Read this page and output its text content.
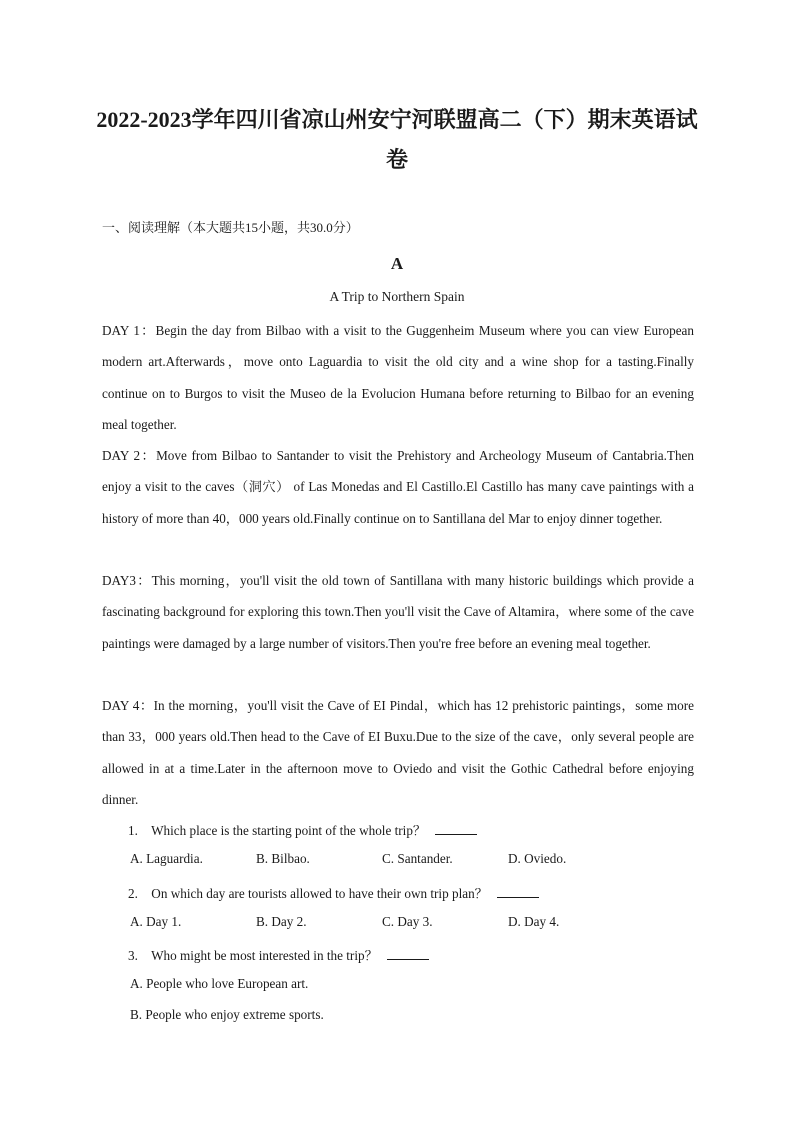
2022-2023学年四川省凉山州安宁河联盟高二（下）期末英语试卷
一、阅读理解（本大题共15小题，共30.0分）
A
A Trip to Northern Spain
DAY 1：Begin the day from Bilbao with a visit to the Guggenheim Museum where you can view European modern art.Afterwards，move onto Laguardia to visit the old city and a wine shop for a tasting.Finally continue on to Burgos to visit the Museo de la Evolucion Humana before returning to Bilbao for an evening meal together.
DAY 2：Move from Bilbao to Santander to visit the Prehistory and Archeology Museum of Cantabria.Then enjoy a visit to the caves（洞穴） of Las Monedas and El Castillo.El Castillo has many cave paintings with a history of more than 40，000 years old.Finally continue on to Santillana del Mar to enjoy dinner together.
DAY3：This morning，you'll visit the old town of Santillana with many historic buildings which provide a fascinating background for exploring this town.Then you'll visit the Cave of Altamira，where some of the cave paintings were damaged by a large number of visitors.Then you're free before an evening meal together.
DAY 4：In the morning，you'll visit the Cave of EI Pindal，which has 12 prehistoric paintings，some more than 33，000 years old.Then head to the Cave of EI Buxu.Due to the size of the cave，only several people are allowed in at a time.Later in the afternoon move to Oviedo and visit the Gothic Cathedral before enjoying dinner.
1. Which place is the starting point of the whole trip？
A. Laguardia.	B. Bilbao.	C. Santander.	D. Oviedo.
2. On which day are tourists allowed to have their own trip plan？
A. Day 1.	B. Day 2.	C. Day 3.	D. Day 4.
3. Who might be most interested in the trip？
A. People who love European art.
B. People who enjoy extreme sports.
